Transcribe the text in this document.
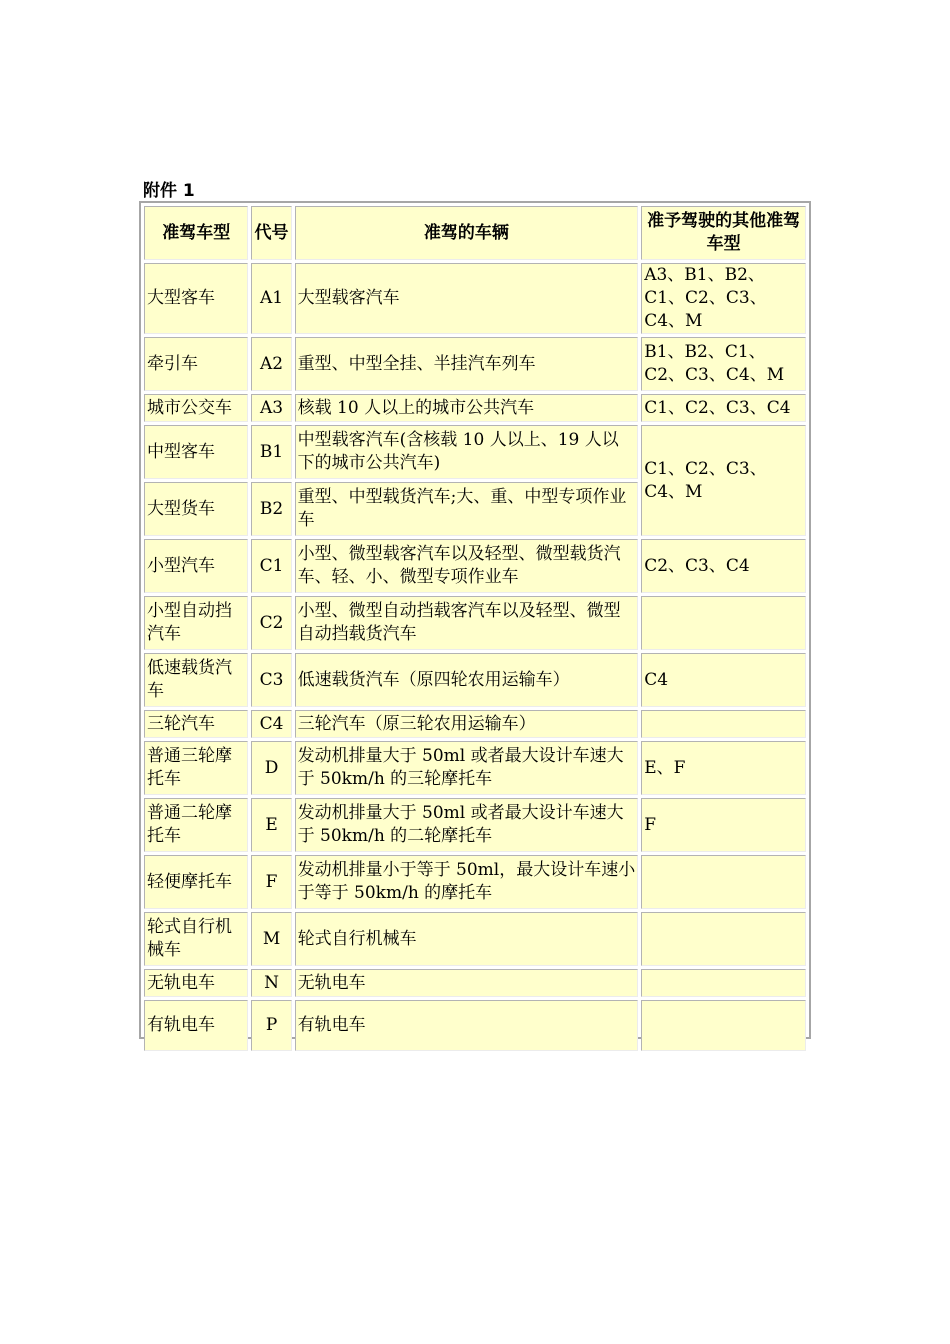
附件 1
准驾车型	代号	准驾的车辆	准予驾驶的其他准驾车型
大型客车	A1	大型载客汽车	A3、B1、B2、C1、C2、C3、C4、M
牵引车	A2	重型、中型全挂、半挂汽车列车	B1、B2、C1、C2、C3、C4、M
城市公交车	A3	核载 10 人以上的城市公共汽车	C1、C2、C3、C4
中型客车	B1	中型载客汽车(含核载 10 人以上、19 人以下的城市公共汽车)	C1、C2、C3、C4、M
大型货车	B2	重型、中型载货汽车;大、重、中型专项作业车	
小型汽车	C1	小型、微型载客汽车以及轻型、微型载货汽车、轻、小、微型专项作业车	C2、C3、C4
小型自动挡汽车	C2	小型、微型自动挡载客汽车以及轻型、微型自动挡载货汽车	
低速载货汽车	C3	低速载货汽车（原四轮农用运输车）	C4
三轮汽车	C4	三轮汽车（原三轮农用运输车）	
普通三轮摩托车	D	发动机排量大于 50ml 或者最大设计车速大于 50km/h 的三轮摩托车	E、F
普通二轮摩托车	E	发动机排量大于 50ml 或者最大设计车速大于 50km/h 的二轮摩托车	F
轻便摩托车	F	发动机排量小于等于 50ml，最大设计车速小于等于 50km/h 的摩托车	
轮式自行机械车	M	轮式自行机械车	
无轨电车	N	无轨电车	
有轨电车	P	有轨电车	
